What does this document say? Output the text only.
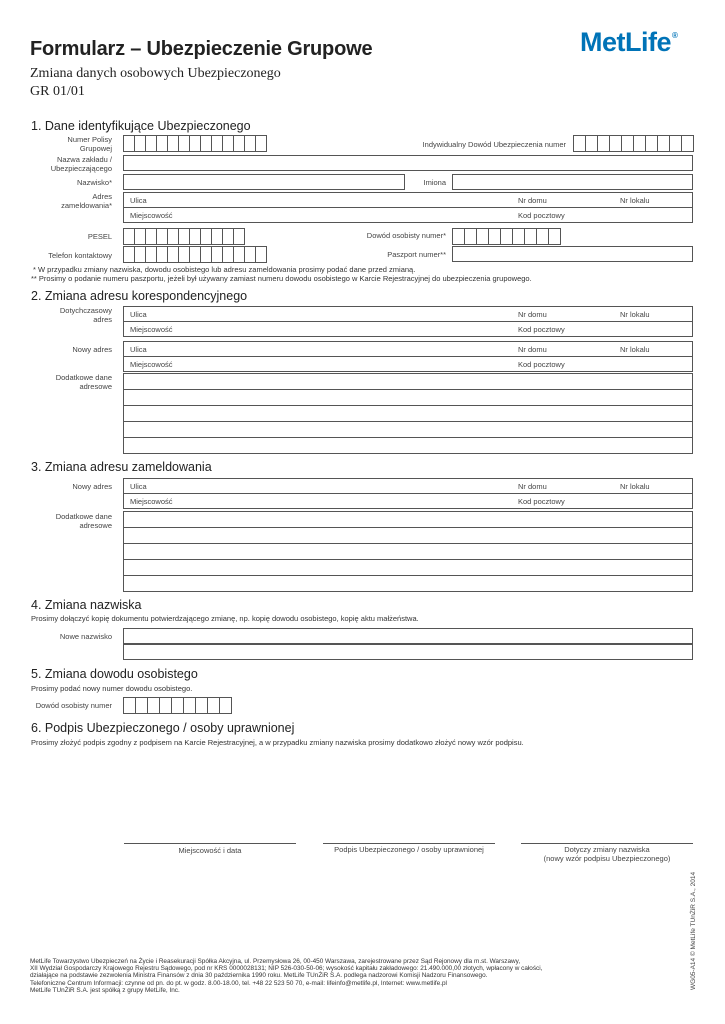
Formularz – Ubezpieczenie Grupowe
Zmiana danych osobowych Ubezpieczonego
GR 01/01
MetLife®
1. Dane identyfikujące Ubezpieczonego
Numer Polisy
Grupowej	Indywidualny Dowód Ubezpieczenia numer
Nazwa zakładu /
Ubezpieczającego
Nazwisko*	Imiona
Adres
zameldowania*
Ulica	Nr domu	Nr lokalu
Miejscowość	Kod pocztowy
PESEL	Dowód osobisty numer*
Telefon kontaktowy	Paszport numer**
* W przypadku zmiany nazwiska, dowodu osobistego lub adresu zameldowania prosimy podać dane przed zmianą.
** Prosimy o podanie numeru paszportu, jeżeli był używany zamiast numeru dowodu osobistego w Karcie Rejestracyjnej do ubezpieczenia grupowego.
2. Zmiana adresu korespondencyjnego
Dotychczasowy
adres
Ulica	Nr domu	Nr lokalu
Miejscowość	Kod pocztowy
Nowy adres Ulica	Nr domu	Nr lokalu
Miejscowość	Kod pocztowy
Dodatkowe dane
adresowe
3. Zmiana adresu zameldowania
Nowy adres Ulica	Nr domu	Nr lokalu
Miejscowość	Kod pocztowy
Dodatkowe dane
adresowe
4. Zmiana nazwiska
Prosimy dołączyć kopię dokumentu potwierdzającego zmianę, np. kopię dowodu osobistego, kopię aktu małżeństwa.
Nowe nazwisko
5. Zmiana dowodu osobistego
Prosimy podać nowy numer dowodu osobistego.
Dowód osobisty numer
6. Podpis Ubezpieczonego / osoby uprawnionej
Prosimy złożyć podpis zgodny z podpisem na Karcie Rejestracyjnej, a w przypadku zmiany nazwiska prosimy dodatkowo złożyć nowy wzór podpisu.
Miejscowość i data	Podpis Ubezpieczonego / osoby uprawnionej	Dotyczy zmiany nazwiska
(nowy wzór podpisu Ubezpieczonego)
MetLife Towarzystwo Ubezpieczeń na Życie i Reasekuracji Spółka Akcyjna, ul. Przemysłowa 26, 00-450 Warszawa, zarejestrowane przez Sąd Rejonowy dla m.st. Warszawy,
XII Wydział Gospodarczy Krajowego Rejestru Sądowego, pod nr KRS 0000028131; NIP 526-030-50-06; wysokość kapitału zakładowego: 21.490.000,00 złotych, wpłacony w całości,
działające na podstawie zezwolenia Ministra Finansów z dnia 30 października 1990 roku. MetLife TUnŻiR S.A. podlega nadzorowi Komisji Nadzoru Finansowego.
Telefoniczne Centrum Informacji: czynne od pn. do pt. w godz. 8.00-18.00, tel. +48 22 523 50 70, e-mail: lifeinfo@metlife.pl, Internet: www.metlife.pl
MetLife TUnŻiR S.A. jest spółką z grupy MetLife, Inc.
WG05-A14 © MetLife TUnŻiR S.A., 2014
